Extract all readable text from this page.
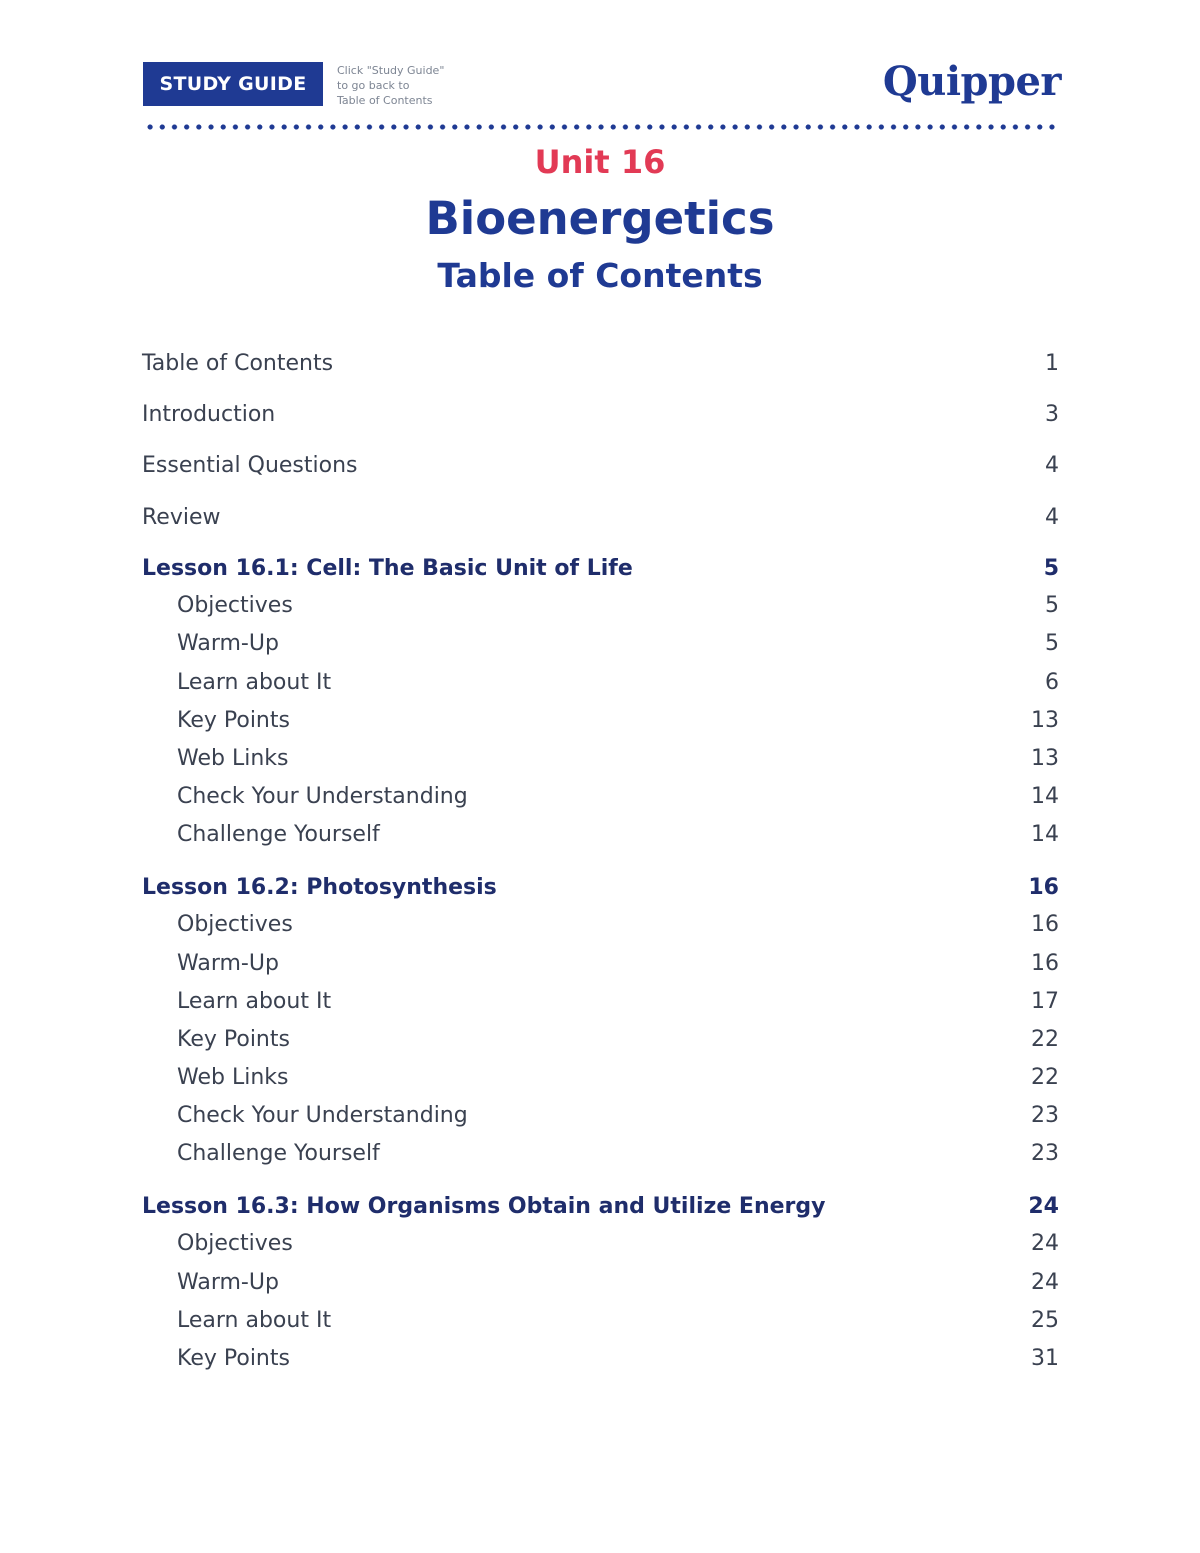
STUDY GUIDE
Click "Study Guide"
to go back to
Table of Contents	Quipper
Unit 16
Bioenergetics
Table of Contents
Table of Contents	1
Introduction	3
Essential Questions	4
Review	4
Lesson 16.1: Cell: The Basic Unit of Life	5
Objectives	5
Warm-Up	5
Learn about It	6
Key Points	13
Web Links	13
Check Your Understanding	14
Challenge Yourself	14
Lesson 16.2: Photosynthesis	16
Objectives	16
Warm-Up	16
Learn about It	17
Key Points	22
Web Links	22
Check Your Understanding	23
Challenge Yourself	23
Lesson 16.3: How Organisms Obtain and Utilize Energy	24
Objectives	24
Warm-Up	24
Learn about It	25
Key Points	31
